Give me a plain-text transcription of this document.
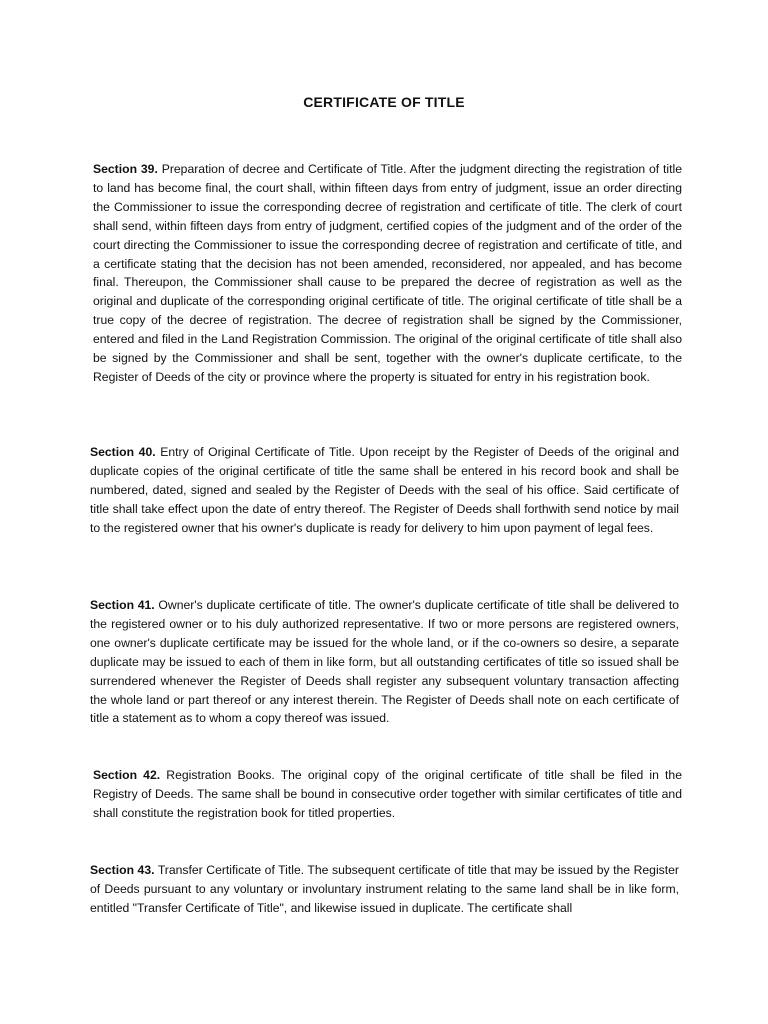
CERTIFICATE OF TITLE

Section 39. Preparation of decree and Certificate of Title. After the judgment directing the registration of title to land has become final, the court shall, within fifteen days from entry of judgment, issue an order directing the Commissioner to issue the corresponding decree of registration and certificate of title. The clerk of court shall send, within fifteen days from entry of judgment, certified copies of the judgment and of the order of the court directing the Commissioner to issue the corresponding decree of registration and certificate of title, and a certificate stating that the decision has not been amended, reconsidered, nor appealed, and has become final. Thereupon, the Commissioner shall cause to be prepared the decree of registration as well as the original and duplicate of the corresponding original certificate of title. The original certificate of title shall be a true copy of the decree of registration. The decree of registration shall be signed by the Commissioner, entered and filed in the Land Registration Commission. The original of the original certificate of title shall also be signed by the Commissioner and shall be sent, together with the owner's duplicate certificate, to the Register of Deeds of the city or province where the property is situated for entry in his registration book.

Section 40. Entry of Original Certificate of Title. Upon receipt by the Register of Deeds of the original and duplicate copies of the original certificate of title the same shall be entered in his record book and shall be numbered, dated, signed and sealed by the Register of Deeds with the seal of his office. Said certificate of title shall take effect upon the date of entry thereof. The Register of Deeds shall forthwith send notice by mail to the registered owner that his owner's duplicate is ready for delivery to him upon payment of legal fees.

Section 41. Owner's duplicate certificate of title. The owner's duplicate certificate of title shall be delivered to the registered owner or to his duly authorized representative. If two or more persons are registered owners, one owner's duplicate certificate may be issued for the whole land, or if the co-owners so desire, a separate duplicate may be issued to each of them in like form, but all outstanding certificates of title so issued shall be surrendered whenever the Register of Deeds shall register any subsequent voluntary transaction affecting the whole land or part thereof or any interest therein. The Register of Deeds shall note on each certificate of title a statement as to whom a copy thereof was issued.

Section 42. Registration Books. The original copy of the original certificate of title shall be filed in the Registry of Deeds. The same shall be bound in consecutive order together with similar certificates of title and shall constitute the registration book for titled properties.

Section 43. Transfer Certificate of Title. The subsequent certificate of title that may be issued by the Register of Deeds pursuant to any voluntary or involuntary instrument relating to the same land shall be in like form, entitled "Transfer Certificate of Title", and likewise issued in duplicate. The certificate shall
